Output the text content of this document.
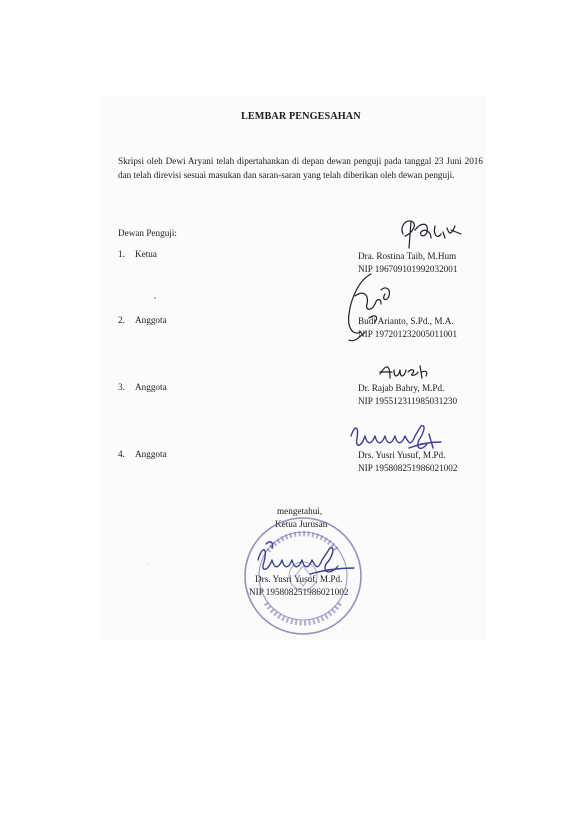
LEMBAR PENGESAHAN
Skripsi oleh Dewi Aryani telah dipertahankan di depan dewan penguji pada tanggal 23 Juni 2016 dan telah direvisi sesuai masukan dan saran-saran yang telah diberikan oleh dewan penguji.
Dewan Penguji:
1. Ketua	Dra. Rostina Taib, M.Hum
NIP 196709101992032001
2. Anggota	Budi Arianto, S.Pd., M.A.
NIP 197201232005011001
3. Anggota	Dr. Rajab Bahry, M.Pd.
NIP 195512311985031230
4. Anggota	Drs. Yusri Yusuf, M.Pd.
NIP 195808251986021002
mengetahui,
Ketua Jurusan
Drs. Yusri Yusuf, M.Pd.
NIP 195808251986021002
